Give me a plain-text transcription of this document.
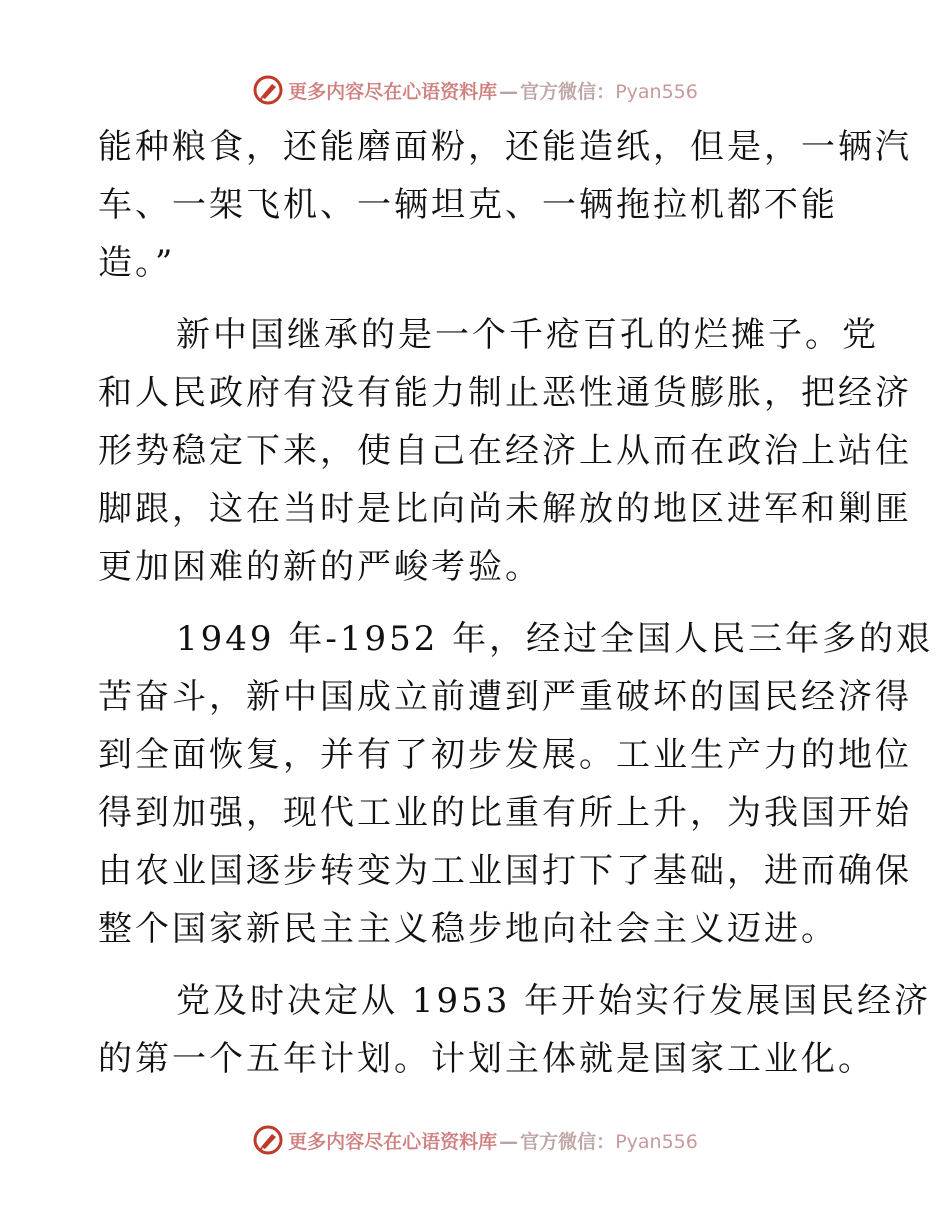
更多内容尽在心语资料库 — 官方微信：Pyan556

能种粮食，还能磨面粉，还能造纸，但是，一辆汽
车、一架飞机、一辆坦克、一辆拖拉机都不能
造。”

新中国继承的是一个千疮百孔的烂摊子。党
和人民政府有没有能力制止恶性通货膨胀，把经济
形势稳定下来，使自己在经济上从而在政治上站住
脚跟，这在当时是比向尚未解放的地区进军和剿匪
更加困难的新的严峻考验。

1949 年-1952 年，经过全国人民三年多的艰
苦奋斗，新中国成立前遭到严重破坏的国民经济得
到全面恢复，并有了初步发展。工业生产力的地位
得到加强，现代工业的比重有所上升，为我国开始
由农业国逐步转变为工业国打下了基础，进而确保
整个国家新民主主义稳步地向社会主义迈进。

党及时决定从 1953 年开始实行发展国民经济
的第一个五年计划。计划主体就是国家工业化。

更多内容尽在心语资料库 — 官方微信：Pyan556
